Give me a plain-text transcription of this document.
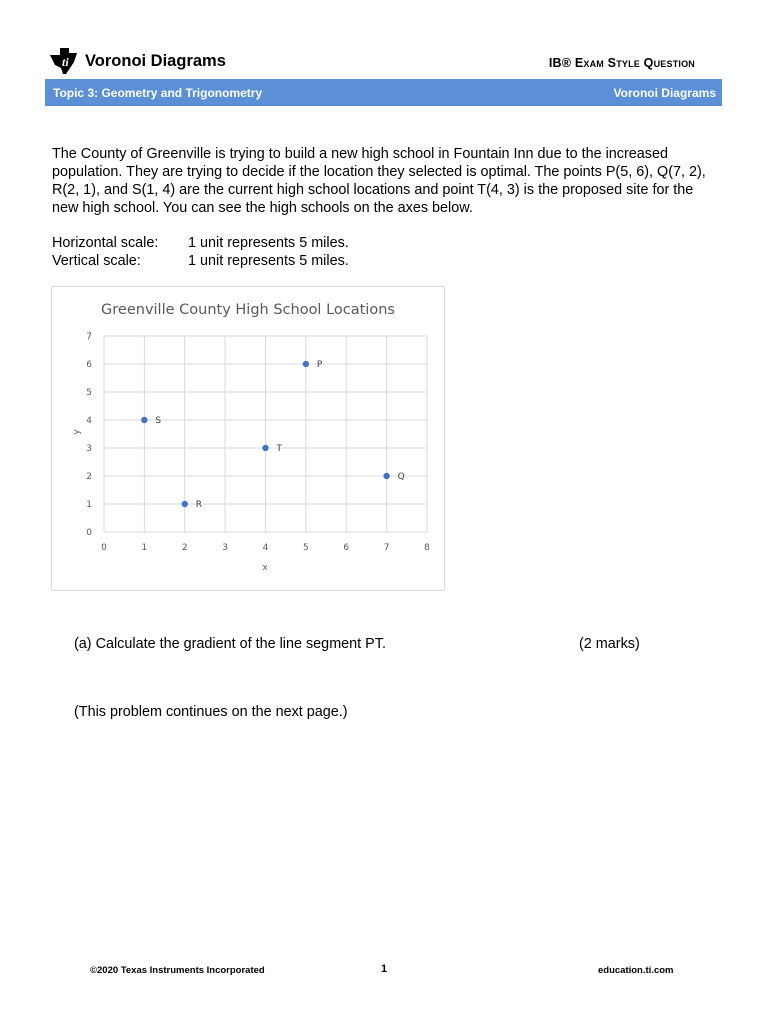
ti Voronoi Diagrams	IB® Exam Style Question
Topic 3: Geometry and Trigonometry	Voronoi Diagrams
The County of Greenville is trying to build a new high school in Fountain Inn due to the increased population. They are trying to decide if the location they selected is optimal. The points P(5, 6), Q(7, 2), R(2, 1), and S(1, 4) are the current high school locations and point T(4, 3) is the proposed site for the new high school. You can see the high schools on the axes below.
Horizontal scale:	1 unit represents 5 miles.
Vertical scale:	1 unit represents 5 miles.
Greenville County High School Locations
0	1	2	3	4	5	6	7	8
0
1
2
3
4
5
6
7
P
Q
R
S
T
x
y
(a) Calculate the gradient of the line segment PT.	(2 marks)
(This problem continues on the next page.)
©2020 Texas Instruments Incorporated	1	education.ti.com
